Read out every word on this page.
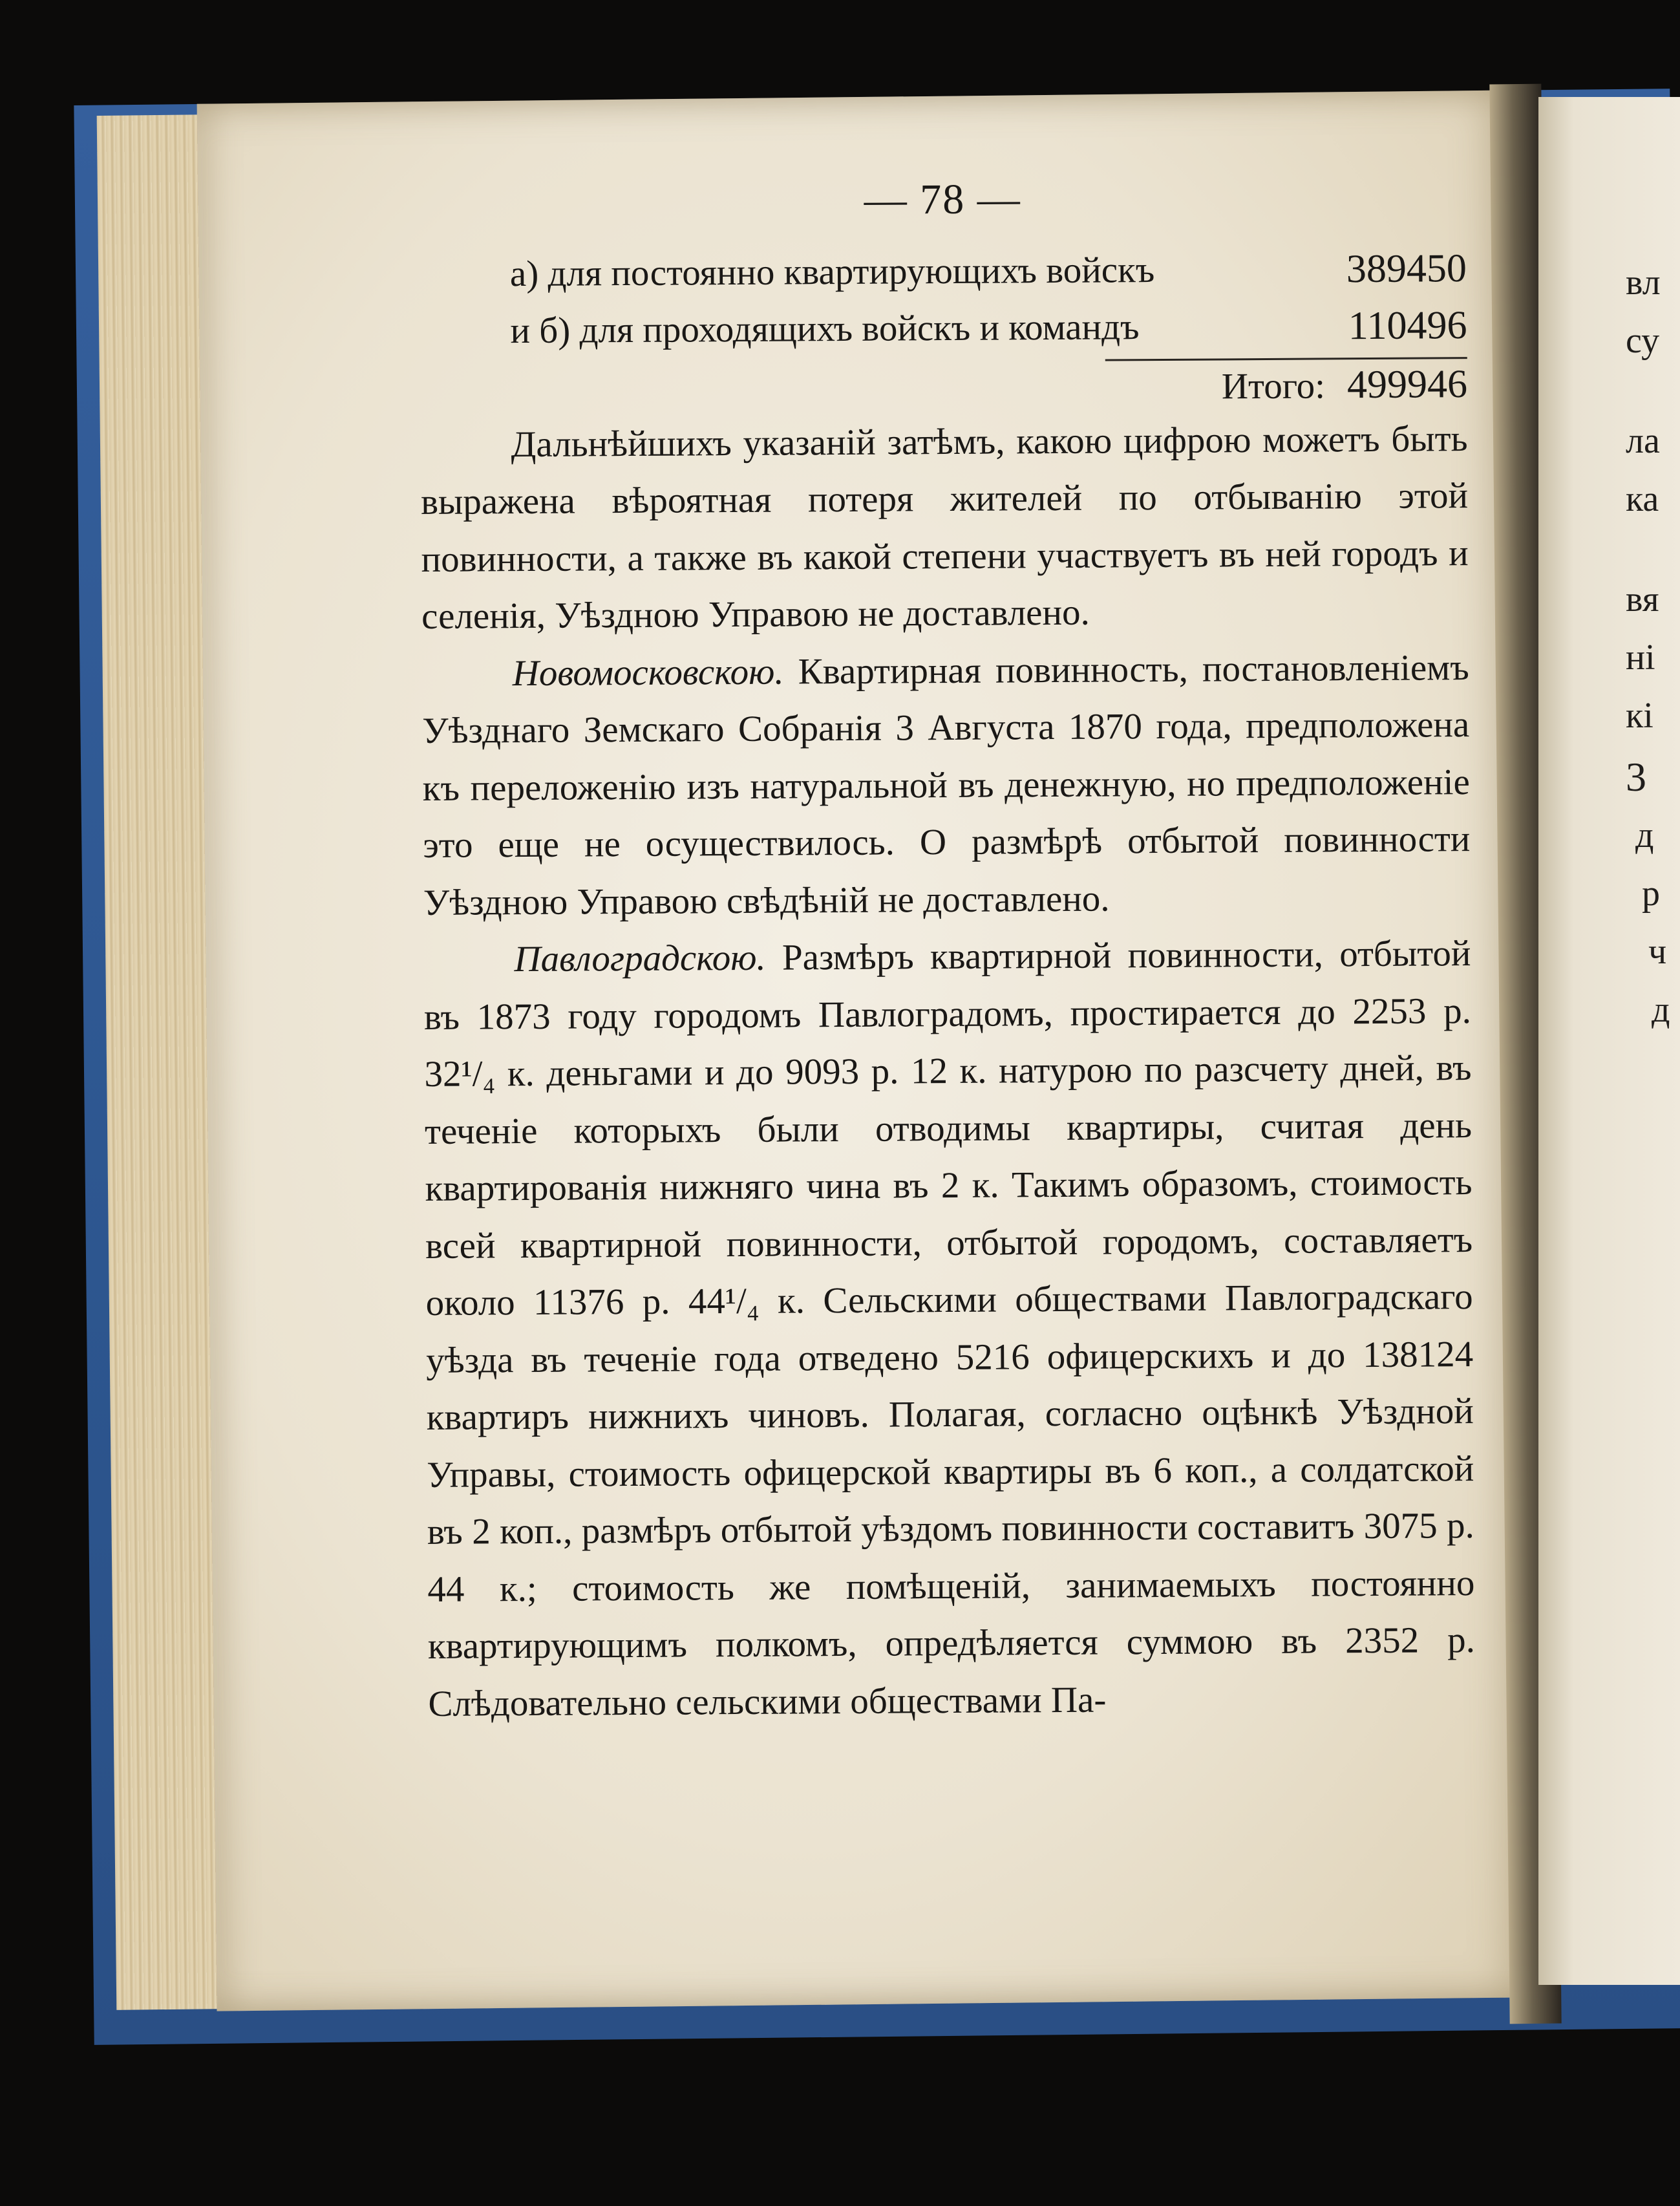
вл
су
ла
ка
вя
ні
кі
3
д
р
ч
д
— 78 —
а) для постоянно квартирующихъ войскъ	389450
и б) для проходящихъ войскъ и командъ	110496
Итого: 499946

Дальнѣйшихъ указаній затѣмъ, какою цифрою можетъ быть выражена вѣроятная потеря жителей по отбыванію этой повинности, а также въ какой степени участвуетъ въ ней городъ и селенія, Уѣздною Управою не доставлено.

Новомосковскою. Квартирная повинность, постановленіемъ Уѣзднаго Земскаго Собранія 3 Августа 1870 года, предположена къ переложенію изъ натуральной въ денежную, но предположеніе это еще не осуществилось. О размѣрѣ отбытой повинности Уѣздною Управою свѣдѣній не доставлено.

Павлоградскою. Размѣръ квартирной повинности, отбытой въ 1873 году городомъ Павлоградомъ, простирается до 2253 р. 32¹/₄ к. деньгами и до 9093 р. 12 к. натурою по разсчету дней, въ теченіе которыхъ были отводимы квартиры, считая день квартированія нижняго чина въ 2 к. Такимъ образомъ, стоимость всей квартирной повинности, отбытой городомъ, составляетъ около 11376 р. 44¹/₄ к. Сельскими обществами Павлоградскаго уѣзда въ теченіе года отведено 5216 офицерскихъ и до 138124 квартиръ нижнихъ чиновъ. Полагая, согласно оцѣнкѣ Уѣздной Управы, стоимость офицерской квартиры въ 6 коп., а солдатской въ 2 коп., размѣръ отбытой уѣздомъ повинности составитъ 3075 р. 44 к.; стоимость же помѣщеній, занимаемыхъ постоянно квартирующимъ полкомъ, опредѣляется суммою въ 2352 р. Слѣдовательно сельскими обществами Па-
